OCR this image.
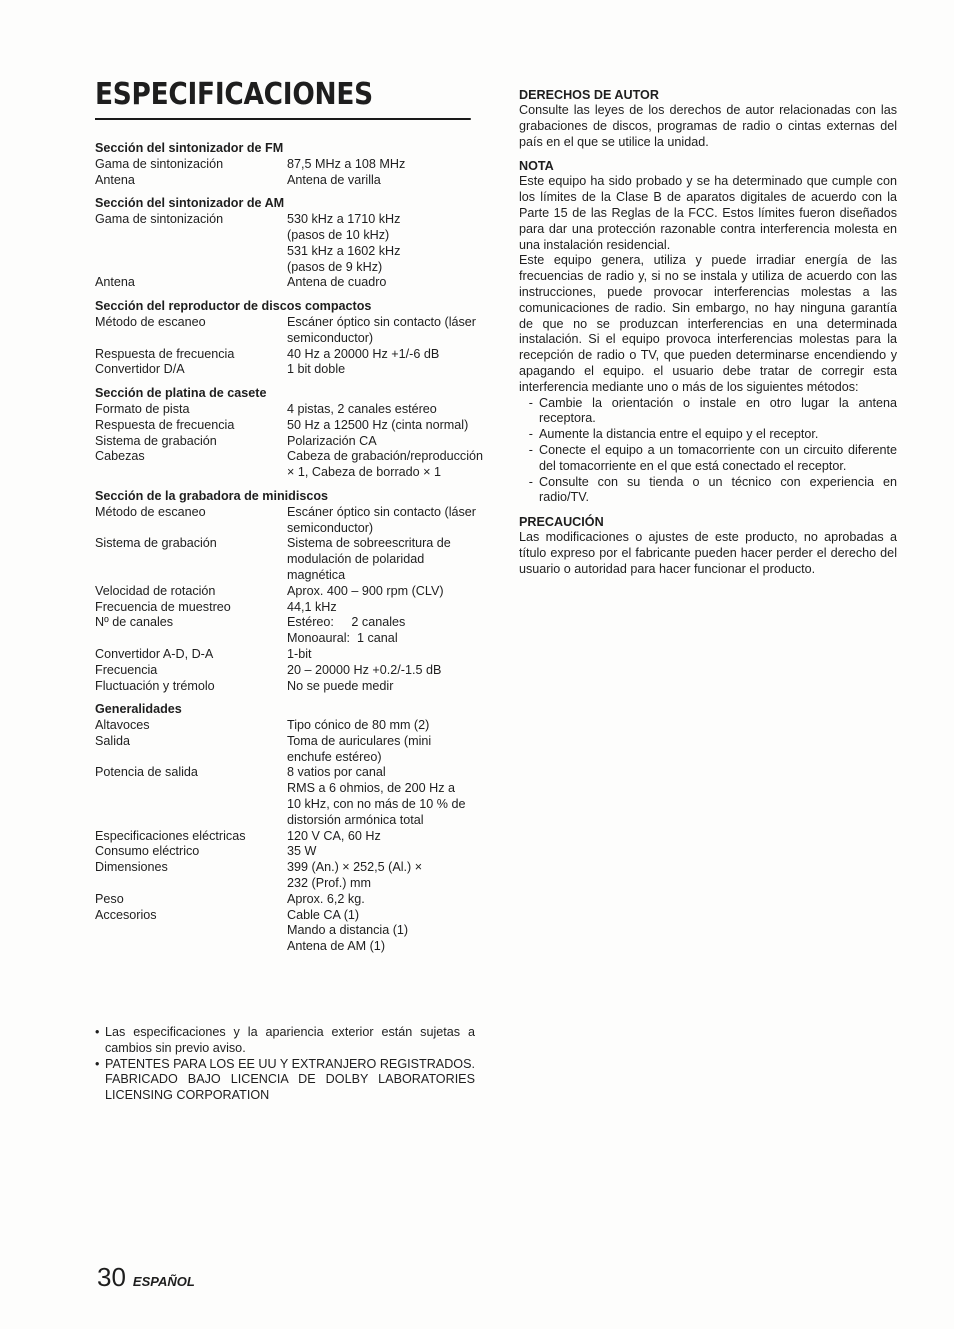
ESPECIFICACIONES
Sección del sintonizador de FM
Gama de sintonización	87,5 MHz a 108 MHz
Antena	Antena de varilla
Sección del sintonizador de AM
Gama de sintonización	530 kHz a 1710 kHz
(pasos de 10 kHz)
531 kHz a 1602 kHz
(pasos de 9 kHz)
Antena	Antena de cuadro
Sección del reproductor de discos compactos
Método de escaneo	Escáner óptico sin contacto (láser
semiconductor)
Respuesta de frecuencia	40 Hz a 20000 Hz +1/-6 dB
Convertidor D/A	1 bit doble
Sección de platina de casete
Formato de pista	4 pistas, 2 canales estéreo
Respuesta de frecuencia	50 Hz a 12500 Hz (cinta normal)
Sistema de grabación	Polarización CA
Cabezas	Cabeza de grabación/reproducción
× 1, Cabeza de borrado × 1
Sección de la grabadora de minidiscos
Método de escaneo	Escáner óptico sin contacto (láser
semiconductor)
Sistema de grabación	Sistema de sobreescritura de
modulación de polaridad
magnética
Velocidad de rotación	Aprox. 400 – 900 rpm (CLV)
Frecuencia de muestreo	44,1 kHz
Nº de canales	Estéreo:     2 canales
Monoaural:  1 canal
Convertidor A-D, D-A	1-bit
Frecuencia	20 – 20000 Hz +0.2/-1.5 dB
Fluctuación y trémolo	No se puede medir
Generalidades
Altavoces	Tipo cónico de 80 mm (2)
Salida	Toma de auriculares (mini
enchufe estéreo)
Potencia de salida	8 vatios por canal
RMS a 6 ohmios, de 200 Hz a
10 kHz, con no más de 10 % de
distorsión armónica total
Especificaciones eléctricas	120 V CA, 60 Hz
Consumo eléctrico	35 W
Dimensiones	399 (An.) × 252,5 (Al.) ×
232 (Prof.) mm
Peso	Aprox. 6,2 kg.
Accesorios	Cable CA (1)
Mando a distancia (1)
Antena de AM (1)
• Las especificaciones y la apariencia exterior están sujetas a cambios sin previo aviso.
• PATENTES PARA LOS EE UU Y EXTRANJERO REGISTRADOS. FABRICADO BAJO LICENCIA DE DOLBY LABORATORIES LICENSING CORPORATION
DERECHOS DE AUTOR

Consulte las leyes de los derechos de autor relacionadas con las grabaciones de discos, programas de radio o cintas externas del país en el que se utilice la unidad.

NOTA

Este equipo ha sido probado y se ha determinado que cumple con los límites de la Clase B de aparatos digitales de acuerdo con la Parte 15 de las Reglas de la FCC. Estos límites fueron diseñados para dar una protección razonable contra interferencia molesta en una instalación residencial.

Este equipo genera, utiliza y puede irradiar energía de las frecuencias de radio y, si no se instala y utiliza de acuerdo con las instrucciones, puede provocar interferencias molestas a las comunicaciones de radio. Sin embargo, no hay ninguna garantía de que no se produzcan interferencias en una determinada instalación. Si el equipo provoca interferencias molestas para la recepción de radio o TV, que pueden determinarse encendiendo y apagando el equipo. el usuario debe tratar de corregir esta interferencia mediante uno o más de los siguientes métodos:

- Cambie la orientación o instale en otro lugar la antena receptora.
- Aumente la distancia entre el equipo y el receptor.
- Conecte el equipo a un tomacorriente con un circuito diferente del tomacorriente en el que está conectado el receptor.
- Consulte con su tienda o un técnico con experiencia en radio/TV.
PRECAUCIÓN

Las modificaciones o ajustes de este producto, no aprobadas a título expreso por el fabricante pueden hacer perder el derecho del usuario o autoridad para hacer funcionar el producto.

30 ESPAÑOL
